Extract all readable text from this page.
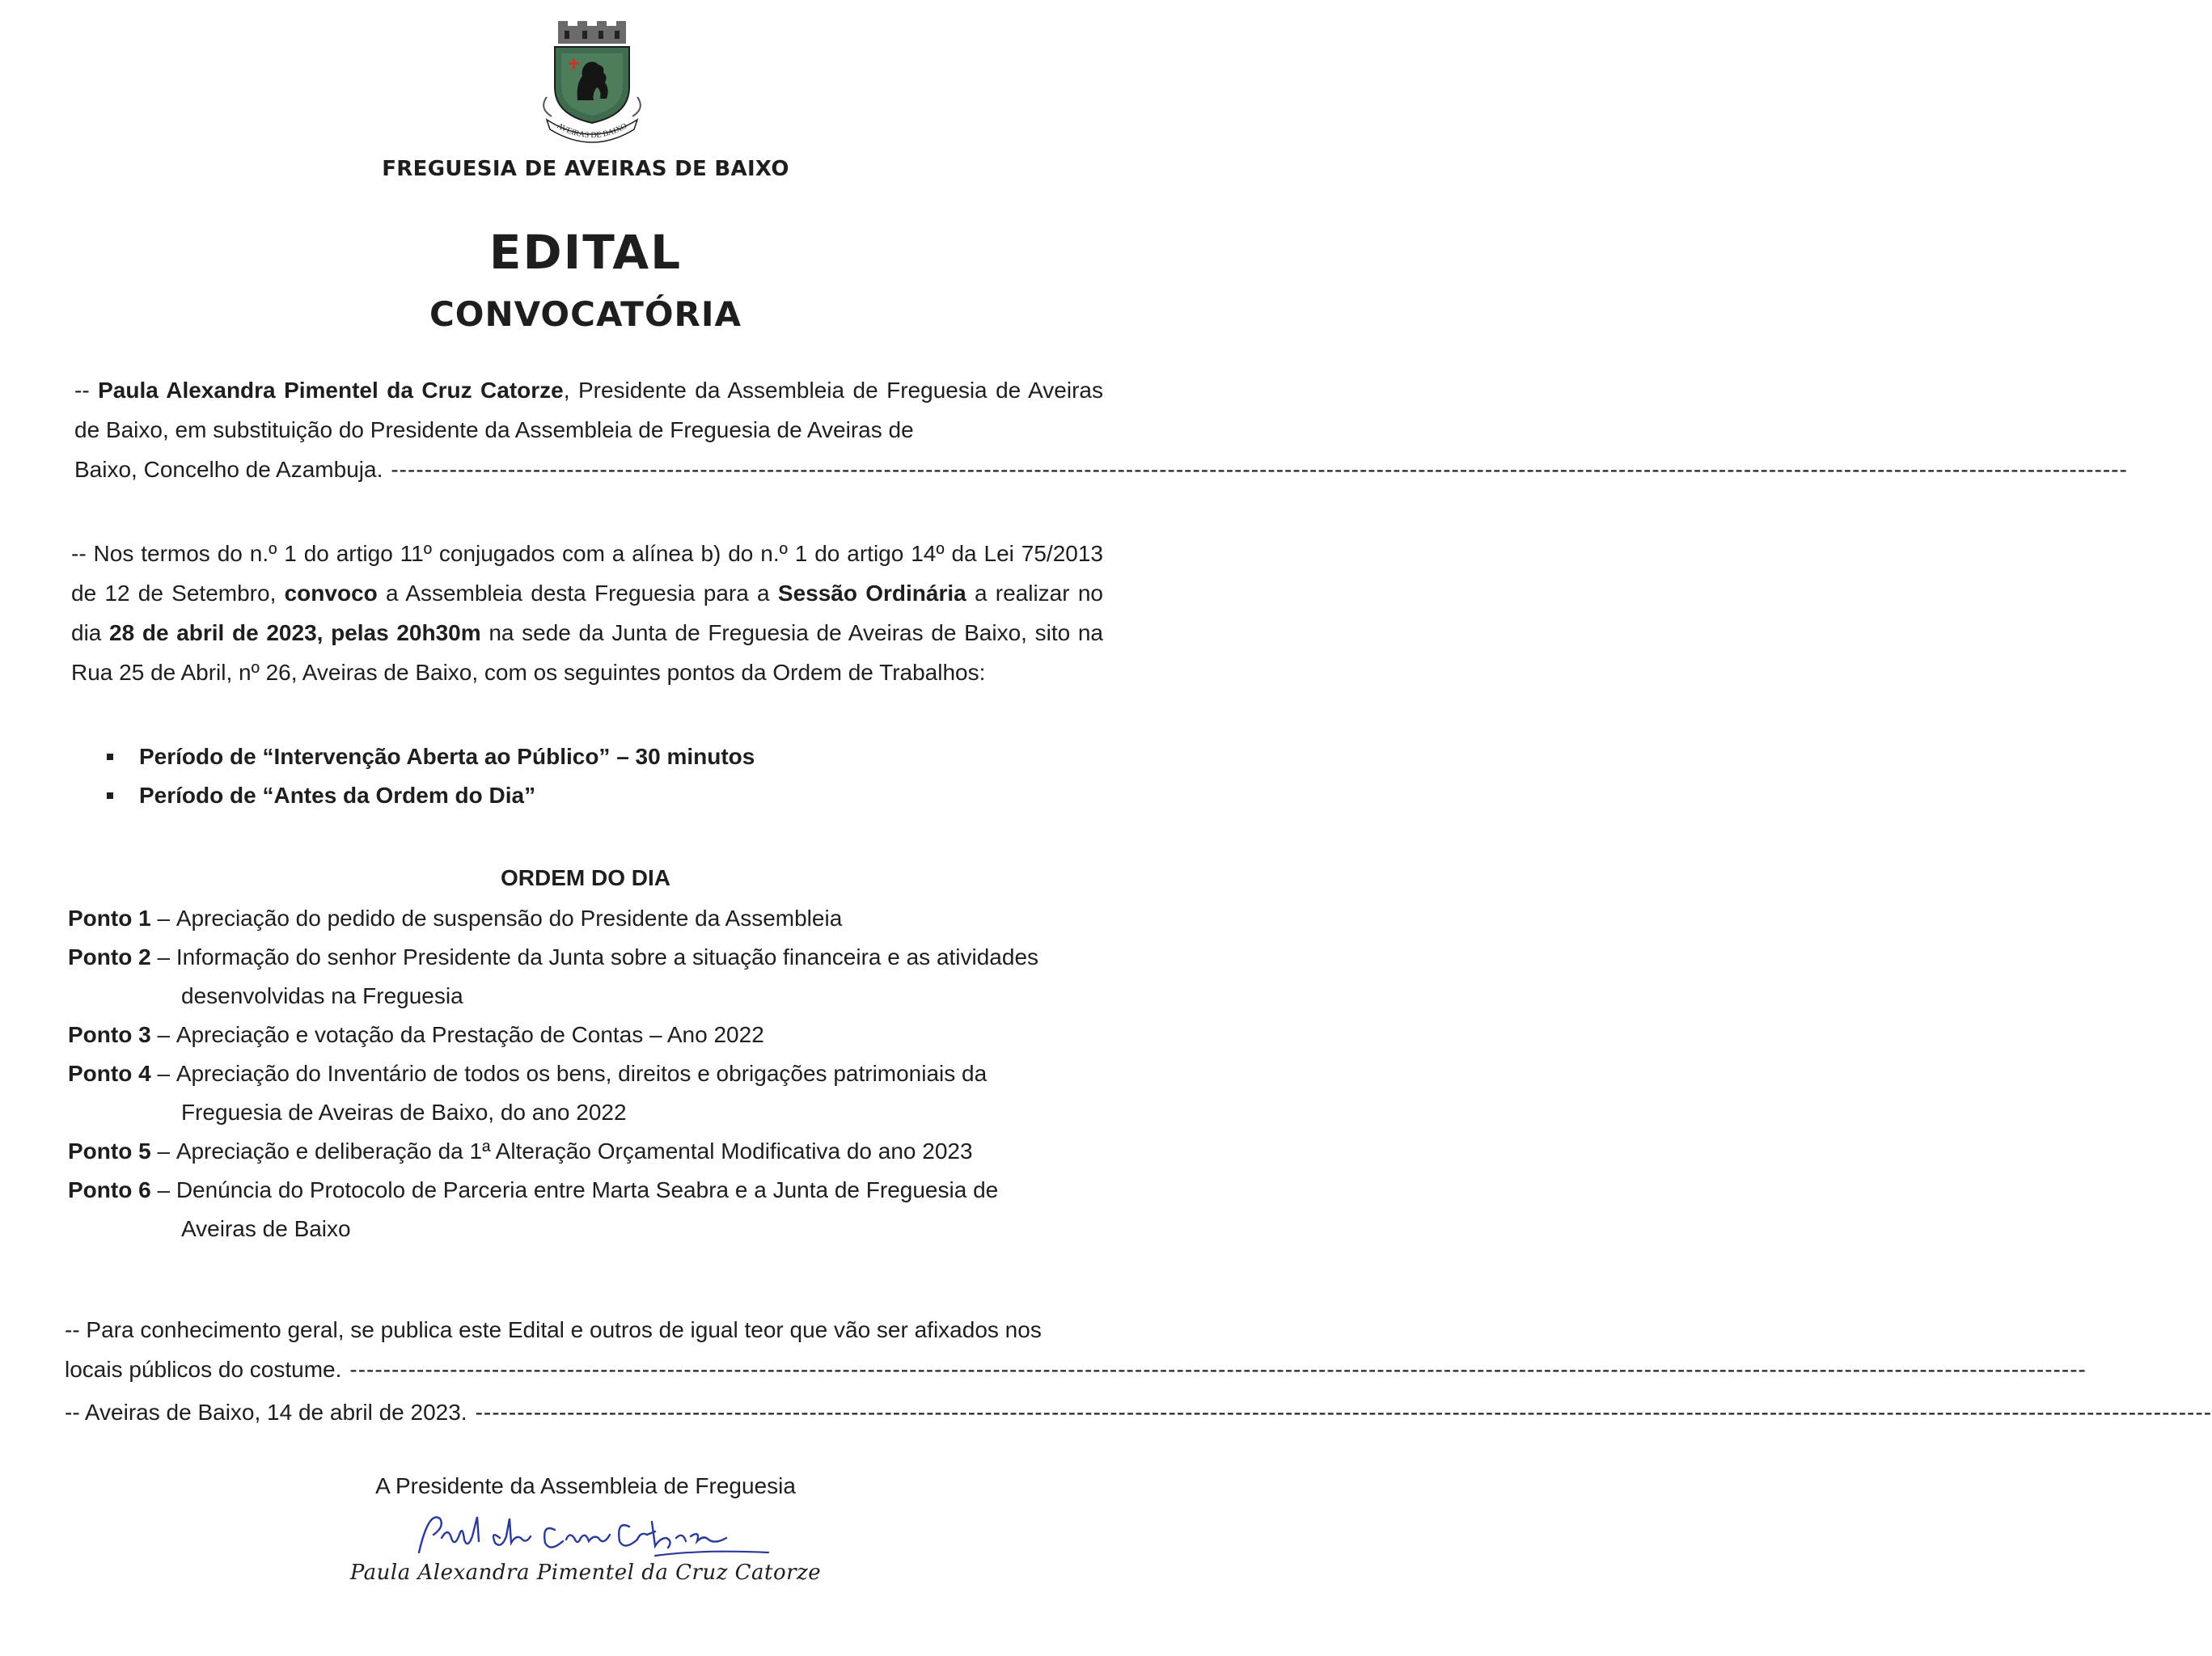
AVEIRAS DE BAIXO
FREGUESIA DE AVEIRAS DE BAIXO
EDITAL
CONVOCATÓRIA
-- Paula Alexandra Pimentel da Cruz Catorze, Presidente da Assembleia de Freguesia de Aveiras de Baixo, em substituição do Presidente da Assembleia de Freguesia de Aveiras de
Baixo, Concelho de Azambuja. ----------------------------------------------------------------------------------------------------------------------------------------------------------------------------------------------------------------
-- Nos termos do n.º 1 do artigo 11º conjugados com a alínea b) do n.º 1 do artigo 14º da Lei 75/2013 de 12 de Setembro, convoco a Assembleia desta Freguesia para a Sessão Ordinária a realizar no dia 28 de abril de 2023, pelas 20h30m na sede da Junta de Freguesia de Aveiras de Baixo, sito na Rua 25 de Abril, nº 26, Aveiras de Baixo, com os seguintes pontos da Ordem de Trabalhos:
Período de “Intervenção Aberta ao Público” – 30 minutos
Período de “Antes da Ordem do Dia”
ORDEM DO DIA
Ponto 1 – Apreciação do pedido de suspensão do Presidente da Assembleia
Ponto 2 – Informação do senhor Presidente da Junta sobre a situação financeira e as atividades
desenvolvidas na Freguesia
Ponto 3 – Apreciação e votação da Prestação de Contas – Ano 2022
Ponto 4 – Apreciação do Inventário de todos os bens, direitos e obrigações patrimoniais da
Freguesia de Aveiras de Baixo, do ano 2022
Ponto 5 – Apreciação e deliberação da 1ª Alteração Orçamental Modificativa do ano 2023
Ponto 6 – Denúncia do Protocolo de Parceria entre Marta Seabra e a Junta de Freguesia de
Aveiras de Baixo
-- Para conhecimento geral, se publica este Edital e outros de igual teor que vão ser afixados nos
locais públicos do costume. ----------------------------------------------------------------------------------------------------------------------------------------------------------------------------------------------------------------
-- Aveiras de Baixo, 14 de abril de 2023. ----------------------------------------------------------------------------------------------------------------------------------------------------------------------------------------------------------------
A Presidente da Assembleia de Freguesia
Paula Alexandra Pimentel da Cruz Catorze
